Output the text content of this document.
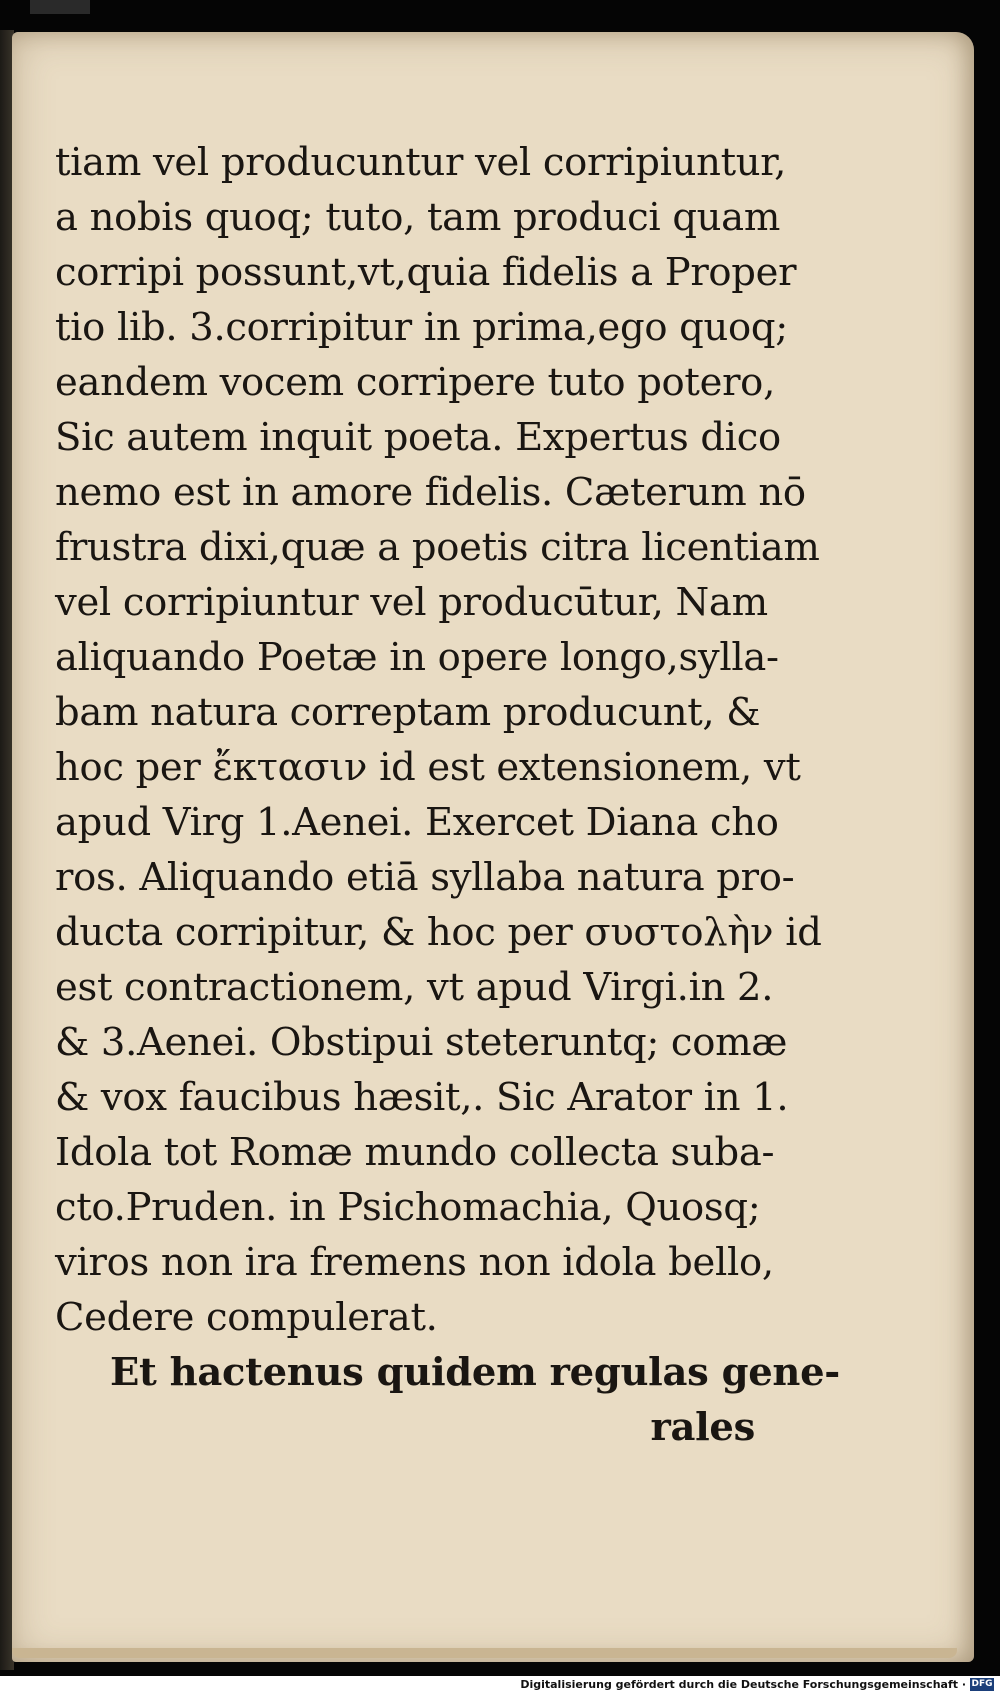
tiam vel producuntur vel corripiuntur,
a nobis quoq; tuto, tam produci quam
corripi possunt,vt,quia fidelis a Proper
tio lib. 3.corripitur in prima,ego quoq;
eandem vocem corripere tuto potero,
Sic autem inquit poeta. Expertus dico
nemo est in amore fidelis. Cæterum nō
frustra dixi,quæ a poetis citra licentiam
vel corripiuntur vel producūtur, Nam
aliquando Poetæ in opere longo,sylla-
bam natura correptam producunt, &
hoc per ἔκτασιν id est extensionem, vt
apud Virg 1.Aenei. Exercet Diana cho
ros. Aliquando etiā syllaba natura pro-
ducta corripitur, & hoc per συστολὴν id
est contractionem, vt apud Virgi.in 2.
& 3.Aenei. Obstipui steteruntq; comæ
& vox faucibus hæsit,. Sic Arator in 1.
Idola tot Romæ mundo collecta suba-
cto.Pruden. in Psichomachia, Quosq;
viros non ira fremens non idola bello,
Cedere compulerat.
Et hactenus quidem regulas gene-
rales
Digitalisierung gefördert durch die Deutsche Forschungsgemeinschaft · DFG
